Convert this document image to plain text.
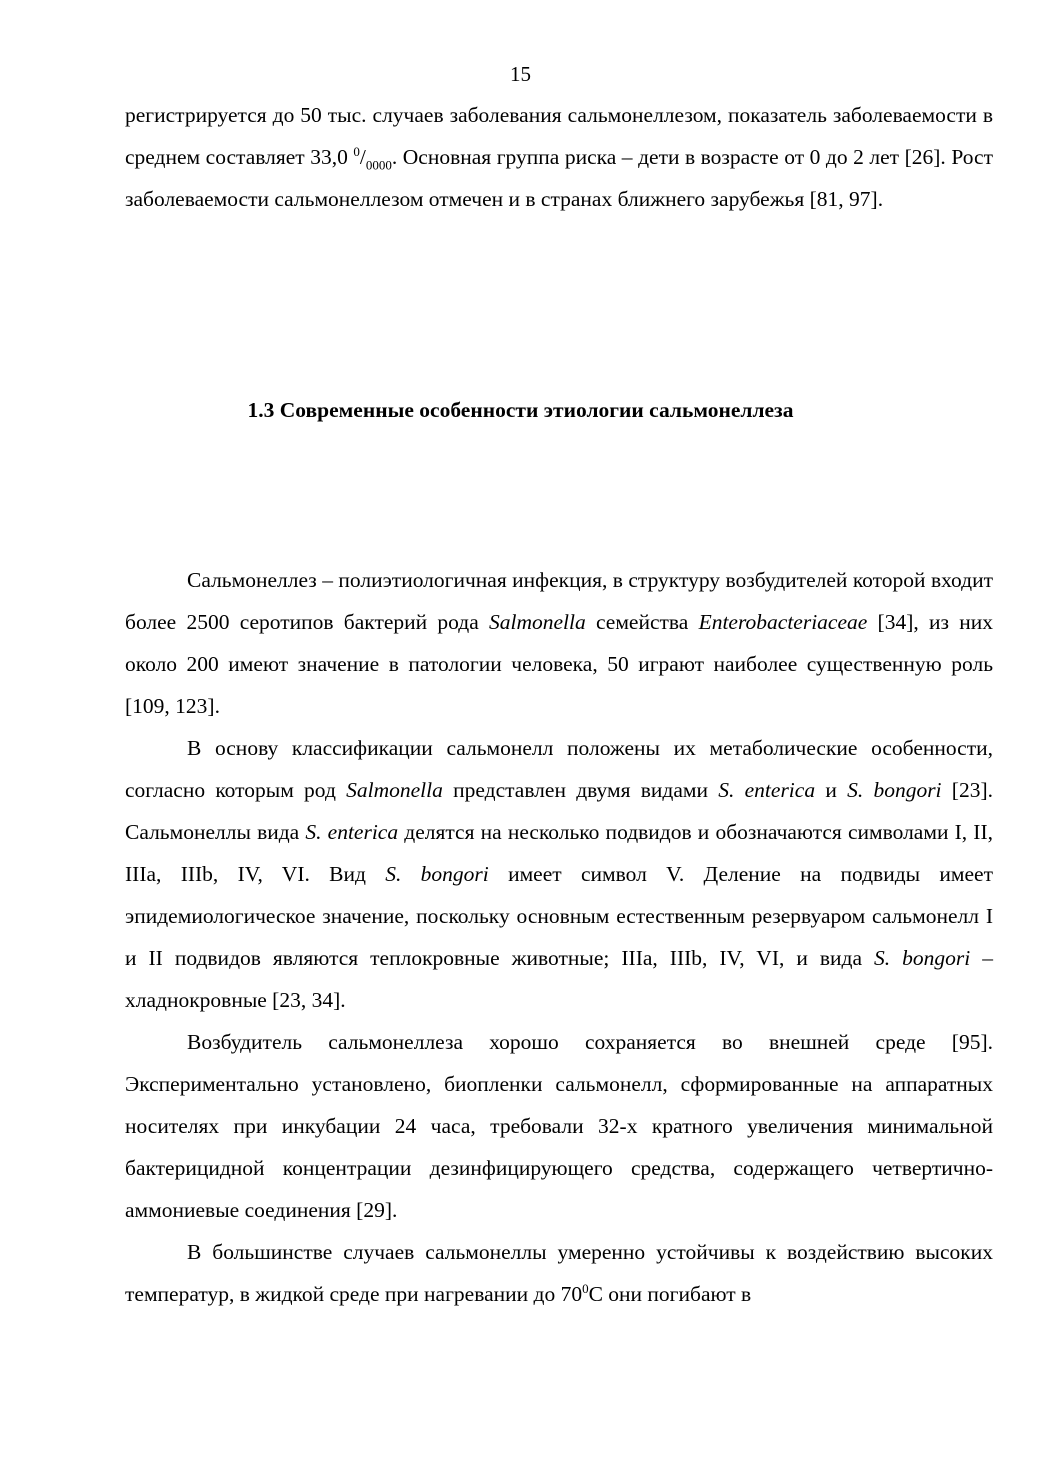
15

регистрируется до 50 тыс. случаев заболевания сальмонеллезом, показатель заболеваемости в среднем составляет 33,0 $^0/_{0000}$. Основная группа риска – дети в возрасте от 0 до 2 лет [26]. Рост заболеваемости сальмонеллезом отмечен и в странах ближнего зарубежья [81, 97].

1.3 Современные особенности этиологии сальмонеллеза

Сальмонеллез – полиэтиологичная инфекция, в структуру возбудителей которой входит более 2500 серотипов бактерий рода Salmonella семейства Enterobacteriaceae [34], из них около 200 имеют значение в патологии человека, 50 играют наиболее существенную роль [109, 123].

В основу классификации сальмонелл положены их метаболические особенности, согласно которым род Salmonella представлен двумя видами S. enterica и S. bongori [23]. Сальмонеллы вида S. enterica делятся на несколько подвидов и обозначаются символами I, II, IIIa, IIIb, IV, VI. Вид S. bongori имеет символ V. Деление на подвиды имеет эпидемиологическое значение, поскольку основным естественным резервуаром сальмонелл I и II подвидов являются теплокровные животные; IIIa, IIIb, IV, VI, и вида S. bongori – хладнокровные [23, 34].

Возбудитель сальмонеллеза хорошо сохраняется во внешней среде [95]. Экспериментально установлено, биопленки сальмонелл, сформированные на аппаратных носителях при инкубации 24 часа, требовали 32-х кратного увеличения минимальной бактерицидной концентрации дезинфицирующего средства, содержащего четвертично-аммониевые соединения [29].

В большинстве случаев сальмонеллы умеренно устойчивы к воздействию высоких температур, в жидкой среде при нагревании до $70^0С$ они погибают в
